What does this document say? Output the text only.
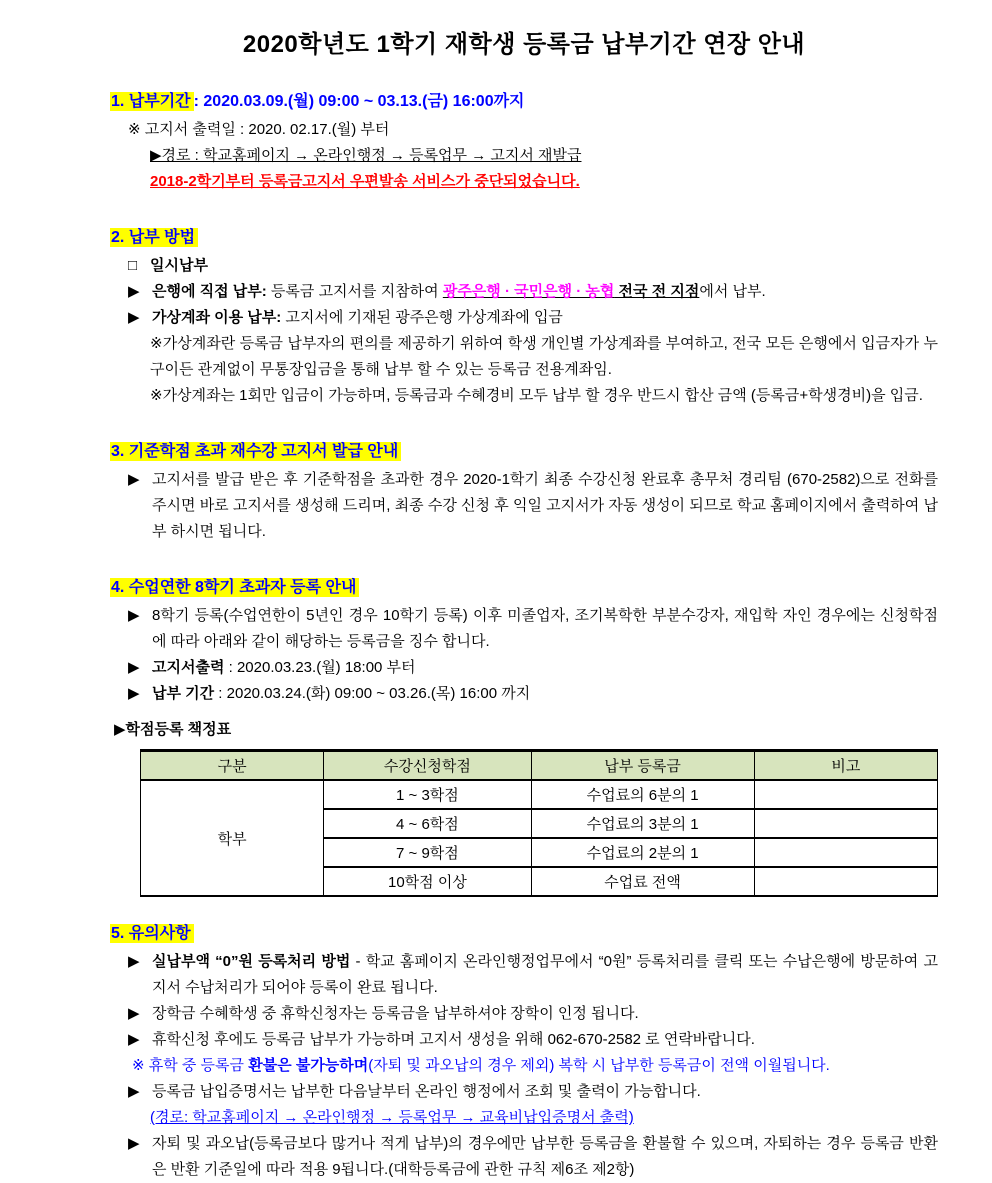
2020학년도 1학기 재학생 등록금 납부기간 연장 안내
1. 납부기간 : 2020.03.09.(월) 09:00 ~ 03.13.(금) 16:00까지
※ 고지서 출력일 : 2020. 02.17.(월) 부터
▶경로 : 학교홈페이지 → 온라인행정 → 등록업무 → 고지서 재발급
2018-2학기부터 등록금고지서 우편발송 서비스가 중단되었습니다.
2. 납부 방법
□ 일시납부
▶ 은행에 직접 납부: 등록금 고지서를 지참하여 광주은행 · 국민은행 · 농협 전국 전 지점에서 납부.
▶ 가상계좌 이용 납부: 고지서에 기재된 광주은행 가상계좌에 입금
※가상계좌란 등록금 납부자의 편의를 제공하기 위하여 학생 개인별 가상계좌를 부여하고, 전국 모든 은행에서 입금자가 누구이든 관계없이 무통장입금을 통해 납부 할 수 있는 등록금 전용계좌임.
※가상계좌는 1회만 입금이 가능하며, 등록금과 수혜경비 모두 납부 할 경우 반드시 합산 금액 (등록금+학생경비)을 입금.
3. 기준학점 초과 재수강 고지서 발급 안내
▶ 고지서를 발급 받은 후 기준학점을 초과한 경우 2020-1학기 최종 수강신청 완료후 총무처 경리팀 (670-2582)으로 전화를 주시면 바로 고지서를 생성해 드리며, 최종 수강 신청 후 익일 고지서가 자동 생성이 되므로 학교 홈페이지에서 출력하여 납부 하시면 됩니다.
4. 수업연한 8학기 초과자 등록 안내
▶ 8학기 등록(수업연한이 5년인 경우 10학기 등록) 이후 미졸업자, 조기복학한 부분수강자, 재입학 자인 경우에는 신청학점에 따라 아래와 같이 해당하는 등록금을 징수 합니다.
▶ 고지서출력 : 2020.03.23.(월) 18:00 부터
▶ 납부 기간 : 2020.03.24.(화) 09:00 ~ 03.26.(목) 16:00 까지
▶학점등록 책정표
구분	수강신청학점	납부 등록금	비고
학부	1 ~ 3학점	수업료의 6분의 1	
	4 ~ 6학점	수업료의 3분의 1	
	7 ~ 9학점	수업료의 2분의 1	
	10학점 이상	수업료 전액	
5. 유의사항
▶ 실납부액 “0”원 등록처리 방법 - 학교 홈페이지 온라인행정업무에서 “0원” 등록처리를 클릭 또는 수납은행에 방문하여 고지서 수납처리가 되어야 등록이 완료 됩니다.
▶ 장학금 수혜학생 중 휴학신청자는 등록금을 납부하셔야 장학이 인정 됩니다.
▶ 휴학신청 후에도 등록금 납부가 가능하며 고지서 생성을 위해 062-670-2582 로 연락바랍니다.
※ 휴학 중 등록금 환불은 불가능하며(자퇴 및 과오납의 경우 제외) 복학 시 납부한 등록금이 전액 이월됩니다.
▶ 등록금 납입증명서는 납부한 다음날부터 온라인 행정에서 조회 및 출력이 가능합니다.
(경로: 학교홈페이지 → 온라인행정 → 등록업무 → 교육비납입증명서 출력)
▶ 자퇴 및 과오납(등록금보다 많거나 적게 납부)의 경우에만 납부한 등록금을 환불할 수 있으며, 자퇴하는 경우 등록금 반환은 반환 기준일에 따라 적용 9됩니다.(대학등록금에 관한 규칙 제6조 제2항)
